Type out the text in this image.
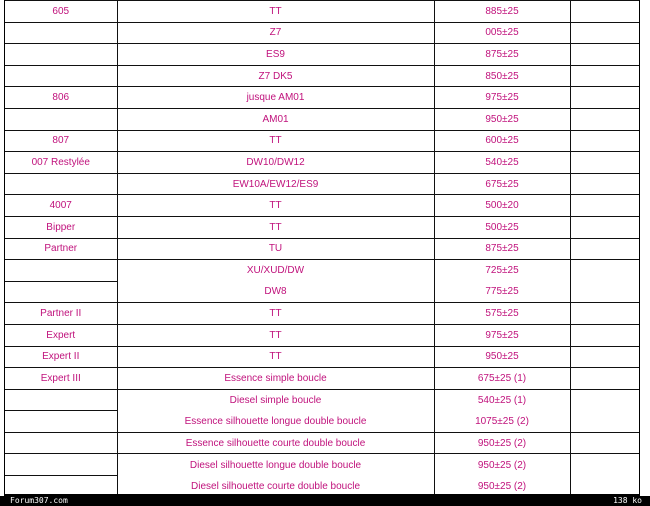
605	TT	885±25	
	Z7	005±25	
	ES9	875±25	
	Z7 DK5	850±25	
806	jusque AM01	975±25	
	AM01	950±25	
807	TT	600±25	
007 Restylée	DW10/DW12	540±25	
	EW10A/EW12/ES9	675±25	
4007	TT	500±20	
Bipper	TT	500±25	
Partner	TU	875±25	
	XU/XUD/DW	725±25	
	DW8	775±25	
Partner II	TT	575±25	
Expert	TT	975±25	
Expert II	TT	950±25	
Expert III	Essence simple boucle	675±25 (1)	
	Diesel simple boucle	540±25 (1)	
	Essence silhouette longue double boucle	1075±25 (2)	
	Essence silhouette courte double boucle	950±25 (2)	
	Diesel silhouette longue double boucle	950±25 (2)	
	Diesel silhouette courte double boucle	950±25 (2)	
Forum307.com	138 ko
